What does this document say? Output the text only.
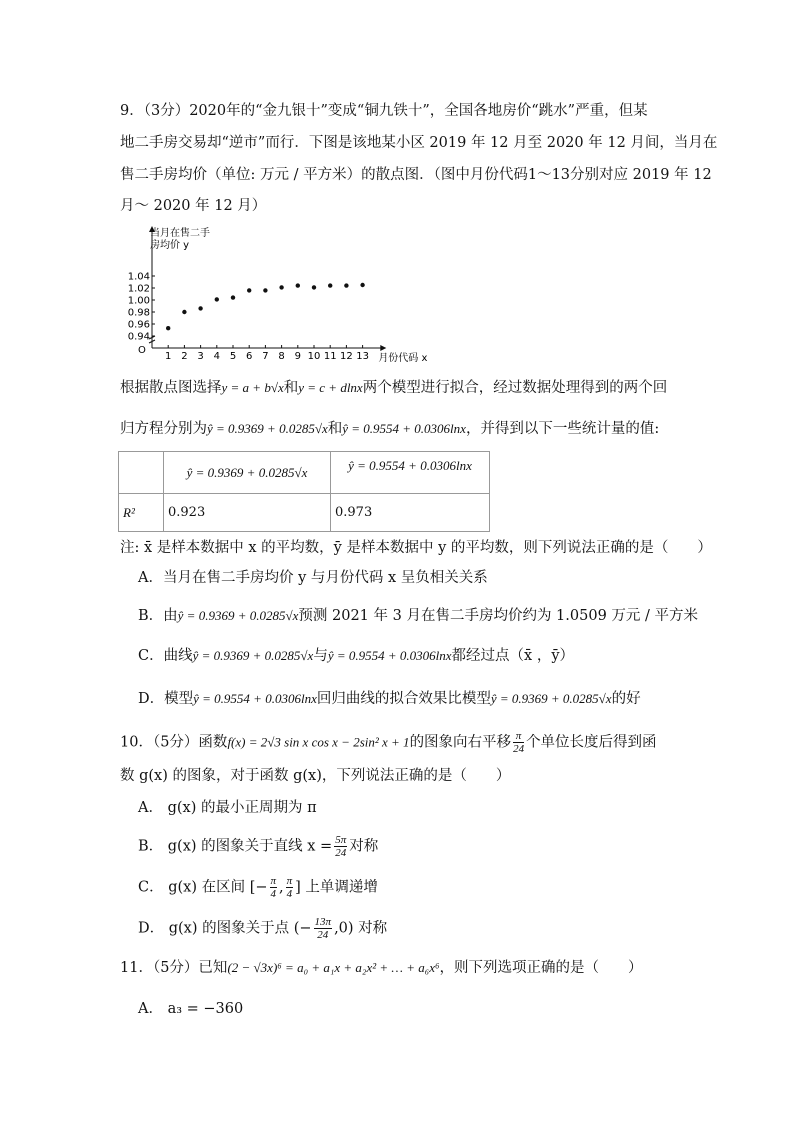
9．（3分）2020年的“金九银十”变成“铜九铁十”，全国各地房价“跳水”严重，但某
地二手房交易却“逆市”而行．下图是该地某小区 2019 年 12 月至 2020 年 12 月间，当月在
售二手房均价（单位: 万元 / 平方米）的散点图．（图中月份代码1～13分别对应 2019 年 12
月～ 2020 年 12 月）
O
0.94
0.96
0.98
1.00
1.02
1.04
1 2 3 4 5 6 7 8 9 10 11 12 13 月份代码 x
当月在售二手
房均价 y
根据散点图选择y = a + b√x和y = c + dlnx两个模型进行拟合，经过数据处理得到的两个回
归方程分别为ŷ = 0.9369 + 0.0285√x和ŷ = 0.9554 + 0.0306lnx，并得到以下一些统计量的值:
	ŷ = 0.9369 + 0.0285√x	ŷ = 0.9554 + 0.0306lnx
R²	0.923	0.973
注: x̄ 是样本数据中 x 的平均数，ȳ 是样本数据中 y 的平均数，则下列说法正确的是（　　）
A．当月在售二手房均价 y 与月份代码 x 呈负相关关系
B．由ŷ = 0.9369 + 0.0285√x预测 2021 年 3 月在售二手房均价约为 1.0509 万元 / 平方米
C．曲线ŷ = 0.9369 + 0.0285√x与ŷ = 0.9554 + 0.0306lnx都经过点（x̄ ，ȳ）
D．模型ŷ = 0.9554 + 0.0306lnx回归曲线的拟合效果比模型ŷ = 0.9369 + 0.0285√x的好
10．（5分）函数f(x) = 2√3 sin x cos x − 2sin² x + 1的图象向右平移 $\frac{\pi}{24}$ 个单位长度后得到函
数 g(x) 的图象，对于函数 g(x)，下列说法正确的是（　　）
A． g(x) 的最小正周期为 π
B． g(x) 的图象关于直线 $x = \frac{5\pi}{24}$ 对称
C． g(x) 在区间 [− $\frac{\pi}{4}$ , $\frac{\pi}{4}$ ] 上单调递增
D． g(x) 的图象关于点 (− $\frac{13\pi}{24} ,0$) 对称
11．（5分）已知(2 − √3x)⁶ = a₀ + a₁x + a₂x² + … + a₆x⁶，则下列选项正确的是（　　）
A． a₃ = −360
